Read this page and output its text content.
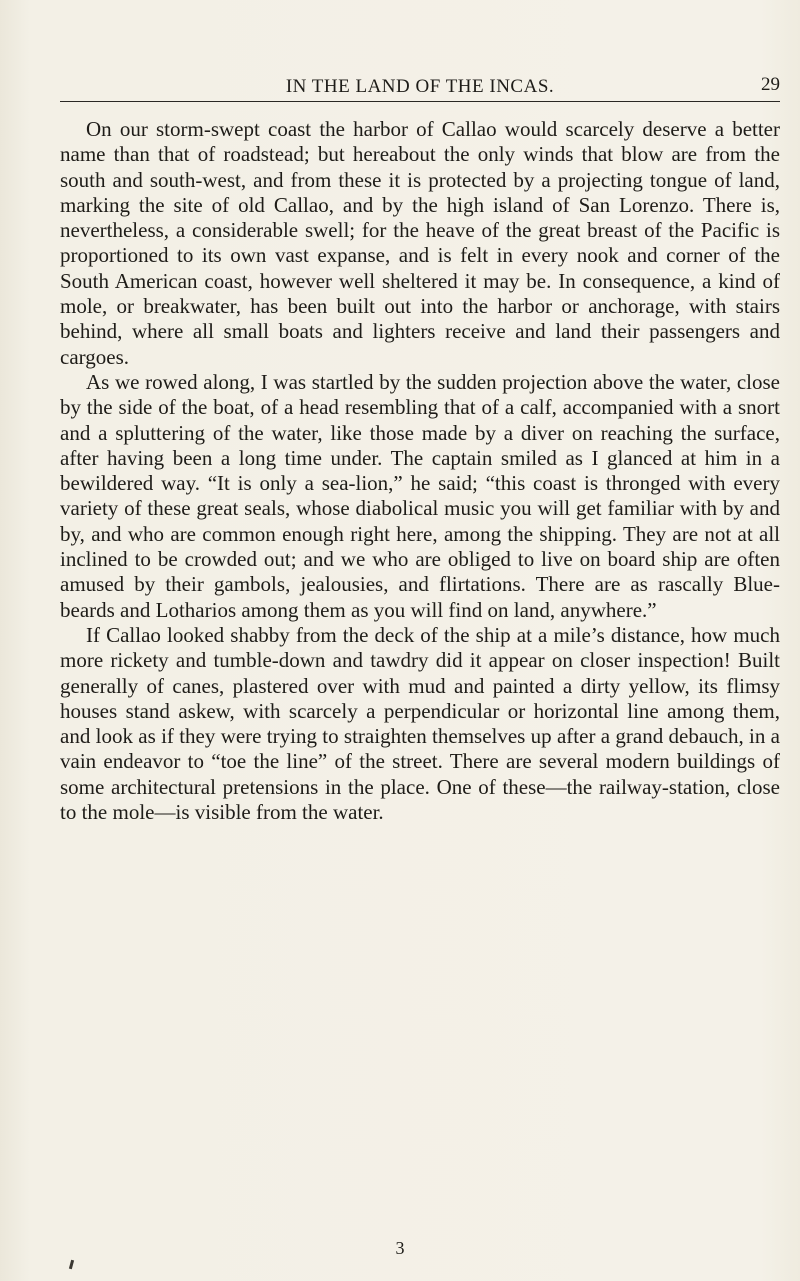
IN THE LAND OF THE INCAS.	29

On our storm-swept coast the harbor of Callao would scarcely deserve a better name than that of roadstead; but hereabout the only winds that blow are from the south and south-west, and from these it is protected by a projecting tongue of land, marking the site of old Callao, and by the high island of San Lorenzo. There is, nevertheless, a considerable swell; for the heave of the great breast of the Pacific is proportioned to its own vast expanse, and is felt in every nook and corner of the South American coast, however well sheltered it may be. In consequence, a kind of mole, or breakwater, has been built out into the harbor or anchorage, with stairs behind, where all small boats and lighters receive and land their passengers and cargoes.

As we rowed along, I was startled by the sudden projection above the water, close by the side of the boat, of a head resembling that of a calf, accompanied with a snort and a spluttering of the water, like those made by a diver on reaching the surface, after having been a long time under. The captain smiled as I glanced at him in a bewildered way. “It is only a sea-lion,” he said; “this coast is thronged with every variety of these great seals, whose diabolical music you will get familiar with by and by, and who are common enough right here, among the shipping. They are not at all inclined to be crowded out; and we who are obliged to live on board ship are often amused by their gambols, jealousies, and flirtations. There are as rascally Blue-beards and Lotharios among them as you will find on land, anywhere.”

If Callao looked shabby from the deck of the ship at a mile’s distance, how much more rickety and tumble-down and tawdry did it appear on closer inspection! Built generally of canes, plastered over with mud and painted a dirty yellow, its flimsy houses stand askew, with scarcely a perpendicular or horizontal line among them, and look as if they were trying to straighten themselves up after a grand debauch, in a vain endeavor to “toe the line” of the street. There are several modern buildings of some architectural pretensions in the place. One of these—the railway-station, close to the mole—is visible from the water.

3
